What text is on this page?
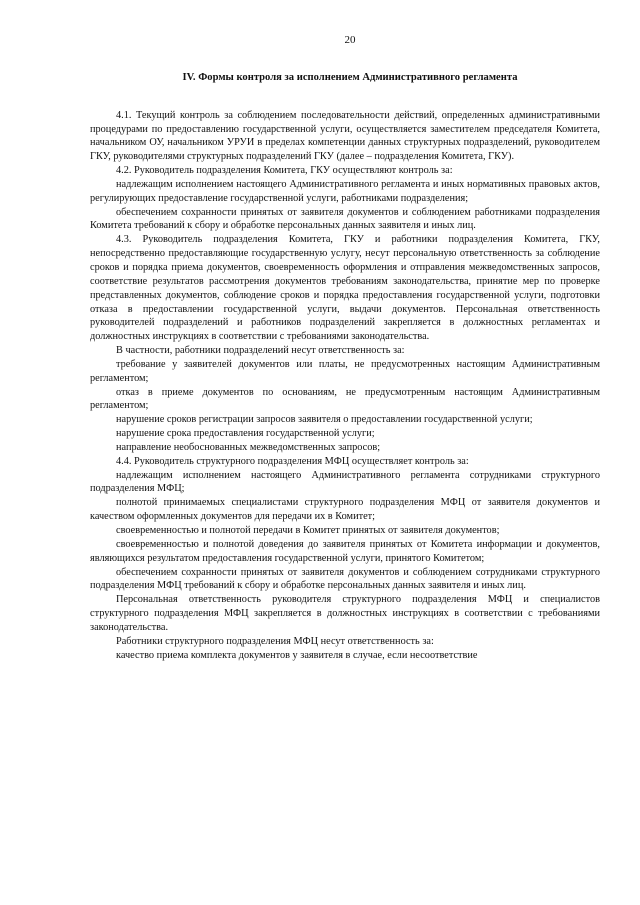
20
IV. Формы контроля за исполнением Административного регламента

4.1. Текущий контроль за соблюдением последовательности действий, определенных административными процедурами по предоставлению государственной услуги, осуществляется заместителем председателя Комитета, начальником ОУ, начальником УРУИ в пределах компетенции данных структурных подразделений, руководителем ГКУ, руководителями структурных подразделений ГКУ (далее – подразделения Комитета, ГКУ).

4.2. Руководитель подразделения Комитета, ГКУ осуществляют контроль за:

надлежащим исполнением настоящего Административного регламента и иных нормативных правовых актов, регулирующих предоставление государственной услуги, работниками подразделения;

обеспечением сохранности принятых от заявителя документов и соблюдением работниками подразделения Комитета требований к сбору и обработке персональных данных заявителя и иных лиц.

4.3. Руководитель подразделения Комитета, ГКУ и работники подразделения Комитета, ГКУ, непосредственно предоставляющие государственную услугу, несут персональную ответственность за соблюдение сроков и порядка приема документов, своевременность оформления и отправления межведомственных запросов, соответствие результатов рассмотрения документов требованиям законодательства, принятие мер по проверке представленных документов, соблюдение сроков и порядка предоставления государственной услуги, подготовки отказа в предоставлении государственной услуги, выдачи документов. Персональная ответственность руководителей подразделений и работников подразделений закрепляется в должностных регламентах и должностных инструкциях в соответствии с требованиями законодательства.

В частности, работники подразделений несут ответственность за:

требование у заявителей документов или платы, не предусмотренных настоящим Административным регламентом;

отказ в приеме документов по основаниям, не предусмотренным настоящим Административным регламентом;

нарушение сроков регистрации запросов заявителя о предоставлении государственной услуги;

нарушение срока предоставления государственной услуги;

направление необоснованных межведомственных запросов;

4.4. Руководитель структурного подразделения МФЦ осуществляет контроль за:

надлежащим исполнением настоящего Административного регламента сотрудниками структурного подразделения МФЦ;

полнотой принимаемых специалистами структурного подразделения МФЦ от заявителя документов и качеством оформленных документов для передачи их в Комитет;

своевременностью и полнотой передачи в Комитет принятых от заявителя документов;

своевременностью и полнотой доведения до заявителя принятых от Комитета информации и документов, являющихся результатом предоставления государственной услуги, принятого Комитетом;

обеспечением сохранности принятых от заявителя документов и соблюдением сотрудниками структурного подразделения МФЦ требований к сбору и обработке персональных данных заявителя и иных лиц.

Персональная ответственность руководителя структурного подразделения МФЦ и специалистов структурного подразделения МФЦ закрепляется в должностных инструкциях в соответствии с требованиями законодательства.

Работники структурного подразделения МФЦ несут ответственность за:

качество приема комплекта документов у заявителя в случае, если несоответствие
